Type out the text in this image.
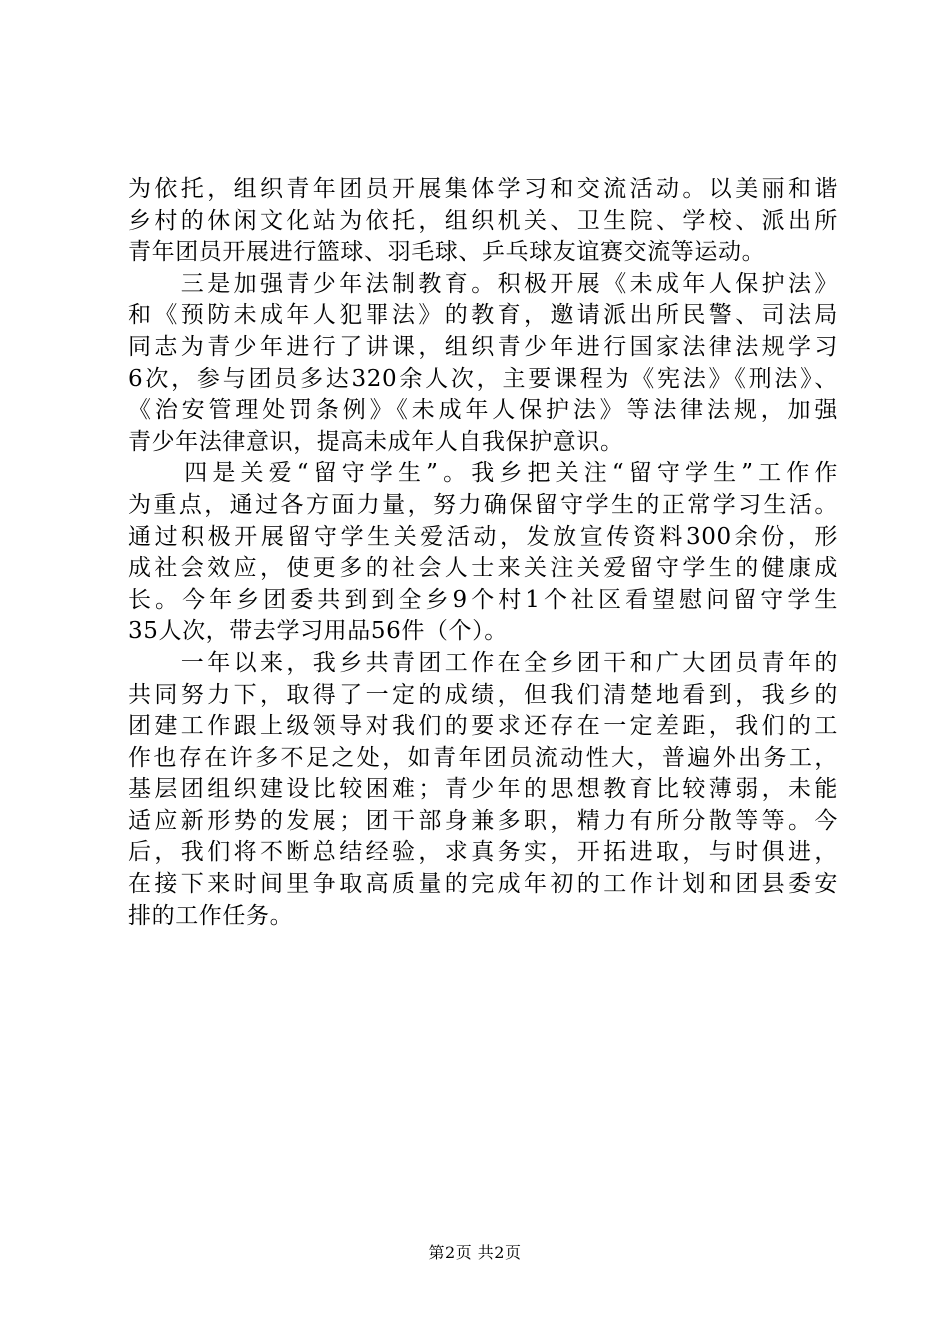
为依托，组织青年团员开展集体学习和交流活动。以美丽和谐
乡村的休闲文化站为依托，组织机关、卫生院、学校、派出所
青年团员开展进行篮球、羽毛球、乒乓球友谊赛交流等运动。
　　三是加强青少年法制教育。积极开展《未成年人保护法》
和《预防未成年人犯罪法》的教育，邀请派出所民警、司法局
同志为青少年进行了讲课，组织青少年进行国家法律法规学习
6次，参与团员多达320余人次，主要课程为《宪法》《刑法》、
《治安管理处罚条例》《未成年人保护法》等法律法规，加强
青少年法律意识，提高未成年人自我保护意识。
　　四是关爱“留守学生”。我乡把关注“留守学生”工作作
为重点，通过各方面力量，努力确保留守学生的正常学习生活。
通过积极开展留守学生关爱活动，发放宣传资料300余份，形
成社会效应，使更多的社会人士来关注关爱留守学生的健康成
长。今年乡团委共到到全乡9个村1个社区看望慰问留守学生
35人次，带去学习用品56件（个）。
　　一年以来，我乡共青团工作在全乡团干和广大团员青年的
共同努力下，取得了一定的成绩，但我们清楚地看到，我乡的
团建工作跟上级领导对我们的要求还存在一定差距，我们的工
作也存在许多不足之处，如青年团员流动性大，普遍外出务工，
基层团组织建设比较困难；青少年的思想教育比较薄弱，未能
适应新形势的发展；团干部身兼多职，精力有所分散等等。今
后，我们将不断总结经验，求真务实，开拓进取，与时俱进，
在接下来时间里争取高质量的完成年初的工作计划和团县委安
排的工作任务。
第2页 共2页
